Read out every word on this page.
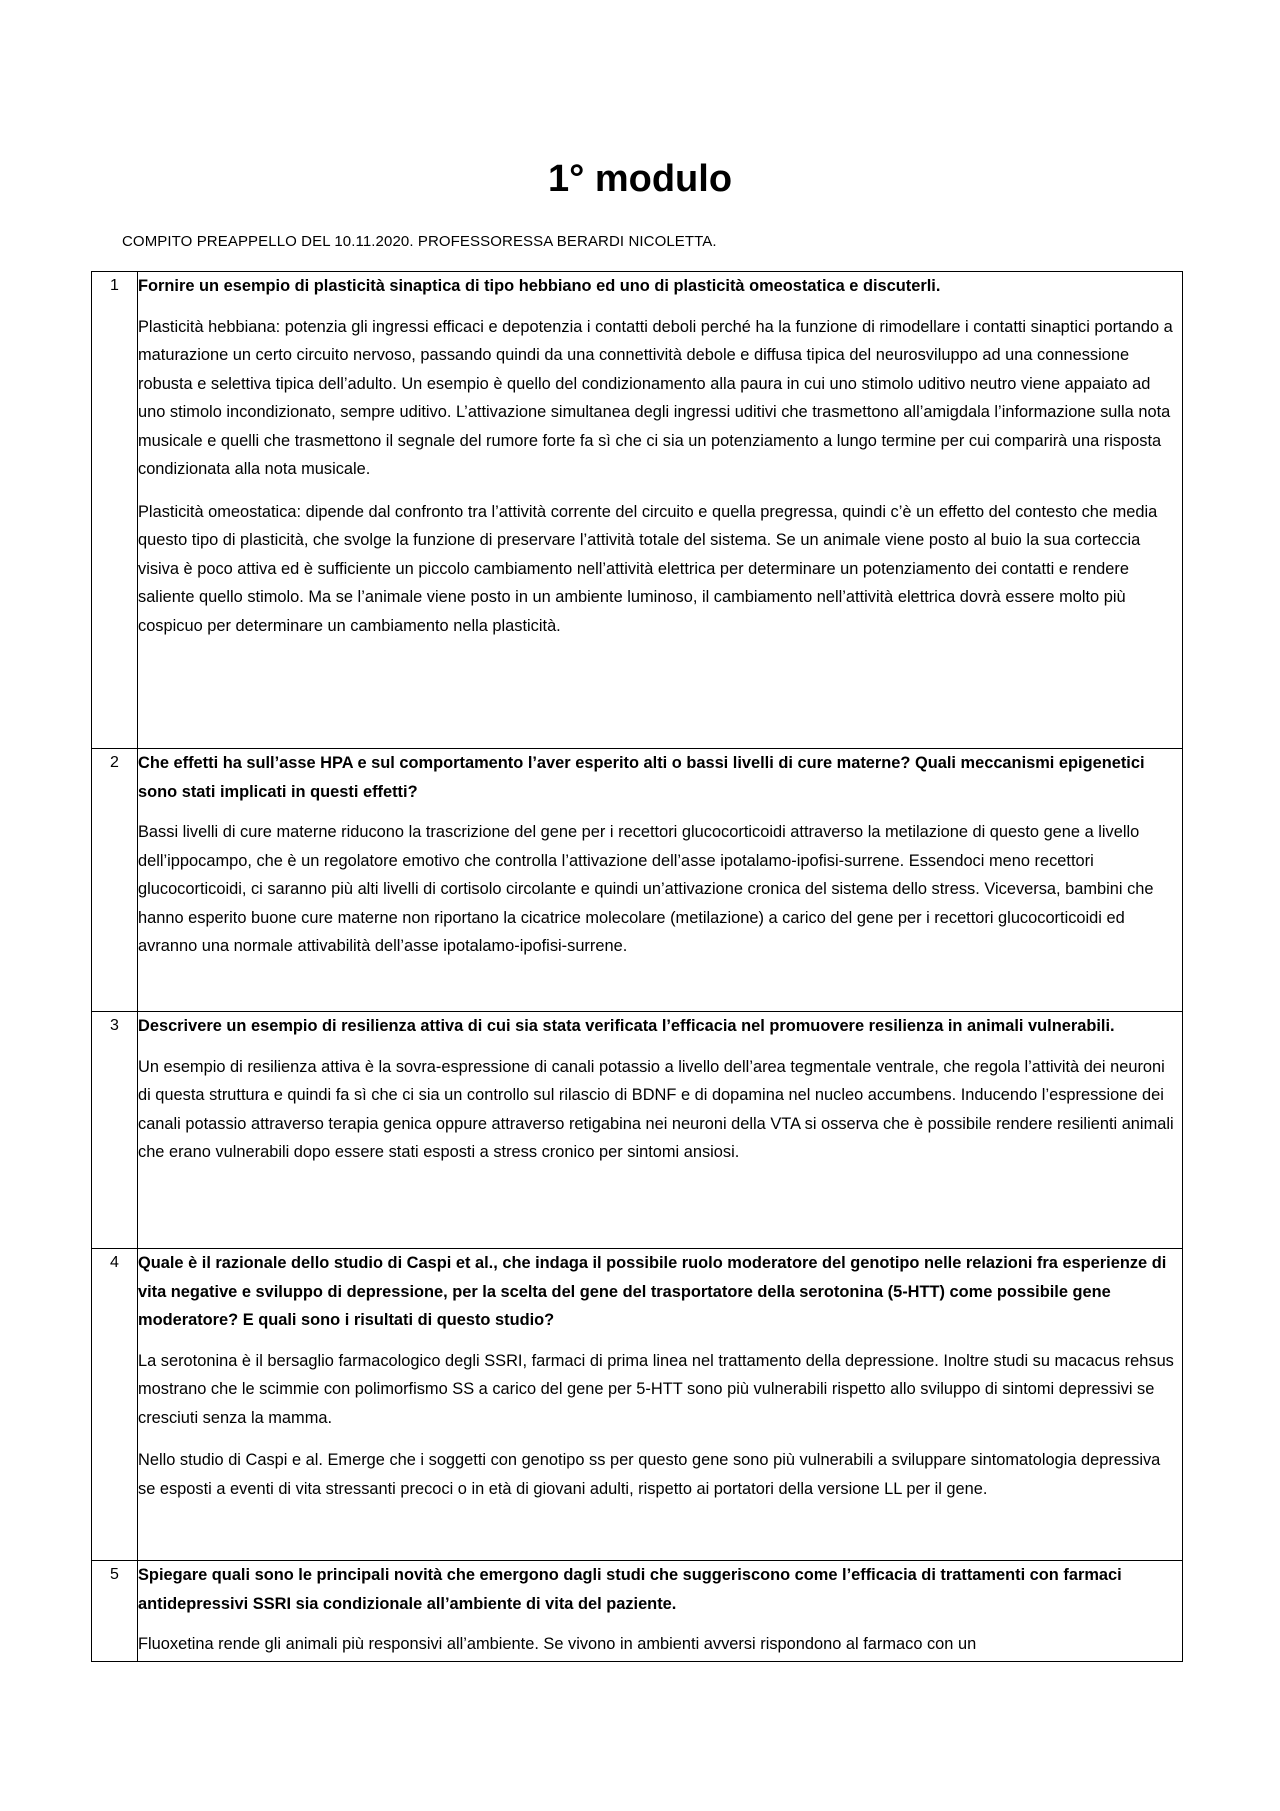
1° modulo

COMPITO PREAPPELLO DEL 10.11.2020. PROFESSORESSA BERARDI NICOLETTA.

1	Fornire un esempio di plasticità sinaptica di tipo hebbiano ed uno di plasticità omeostatica e discuterli.

Plasticità hebbiana: potenzia gli ingressi efficaci e depotenzia i contatti deboli perché ha la funzione di rimodellare i contatti sinaptici portando a maturazione un certo circuito nervoso, passando quindi da una connettività debole e diffusa tipica del neurosviluppo ad una connessione robusta e selettiva tipica dell’adulto. Un esempio è quello del condizionamento alla paura in cui uno stimolo uditivo neutro viene appaiato ad uno stimolo incondizionato, sempre uditivo. L’attivazione simultanea degli ingressi uditivi che trasmettono all’amigdala l’informazione sulla nota musicale e quelli che trasmettono il segnale del rumore forte fa sì che ci sia un potenziamento a lungo termine per cui comparirà una risposta condizionata alla nota musicale.

Plasticità omeostatica: dipende dal confronto tra l’attività corrente del circuito e quella pregressa, quindi c’è un effetto del contesto che media questo tipo di plasticità, che svolge la funzione di preservare l’attività totale del sistema. Se un animale viene posto al buio la sua corteccia visiva è poco attiva ed è sufficiente un piccolo cambiamento nell’attività elettrica per determinare un potenziamento dei contatti e rendere saliente quello stimolo. Ma se l’animale viene posto in un ambiente luminoso, il cambiamento nell’attività elettrica dovrà essere molto più cospicuo per determinare un cambiamento nella plasticità.

2	Che effetti ha sull’asse HPA e sul comportamento l’aver esperito alti o bassi livelli di cure materne? Quali meccanismi epigenetici sono stati implicati in questi effetti?

Bassi livelli di cure materne riducono la trascrizione del gene per i recettori glucocorticoidi attraverso la metilazione di questo gene a livello dell’ippocampo, che è un regolatore emotivo che controlla l’attivazione dell’asse ipotalamo-ipofisi-surrene. Essendoci meno recettori glucocorticoidi, ci saranno più alti livelli di cortisolo circolante e quindi un’attivazione cronica del sistema dello stress. Viceversa, bambini che hanno esperito buone cure materne non riportano la cicatrice molecolare (metilazione) a carico del gene per i recettori glucocorticoidi ed avranno una normale attivabilità dell’asse ipotalamo-ipofisi-surrene.

3	Descrivere un esempio di resilienza attiva di cui sia stata verificata l’efficacia nel promuovere resilienza in animali vulnerabili.

Un esempio di resilienza attiva è la sovra-espressione di canali potassio a livello dell’area tegmentale ventrale, che regola l’attività dei neuroni di questa struttura e quindi fa sì che ci sia un controllo sul rilascio di BDNF e di dopamina nel nucleo accumbens. Inducendo l’espressione dei canali potassio attraverso terapia genica oppure attraverso retigabina nei neuroni della VTA si osserva che è possibile rendere resilienti animali che erano vulnerabili dopo essere stati esposti a stress cronico per sintomi ansiosi.

4	Quale è il razionale dello studio di Caspi et al., che indaga il possibile ruolo moderatore del genotipo nelle relazioni fra esperienze di vita negative e sviluppo di depressione, per la scelta del gene del trasportatore della serotonina (5-HTT) come possibile gene moderatore? E quali sono i risultati di questo studio?

La serotonina è il bersaglio farmacologico degli SSRI, farmaci di prima linea nel trattamento della depressione. Inoltre studi su macacus rehsus mostrano che le scimmie con polimorfismo SS a carico del gene per 5-HTT sono più vulnerabili rispetto allo sviluppo di sintomi depressivi se cresciuti senza la mamma.

Nello studio di Caspi e al. Emerge che i soggetti con genotipo ss per questo gene sono più vulnerabili a sviluppare sintomatologia depressiva se esposti a eventi di vita stressanti precoci o in età di giovani adulti, rispetto ai portatori della versione LL per il gene.

5	Spiegare quali sono le principali novità che emergono dagli studi che suggeriscono come l’efficacia di trattamenti con farmaci antidepressivi SSRI sia condizionale all’ambiente di vita del paziente.

Fluoxetina rende gli animali più responsivi all’ambiente. Se vivono in ambienti avversi rispondono al farmaco con un
